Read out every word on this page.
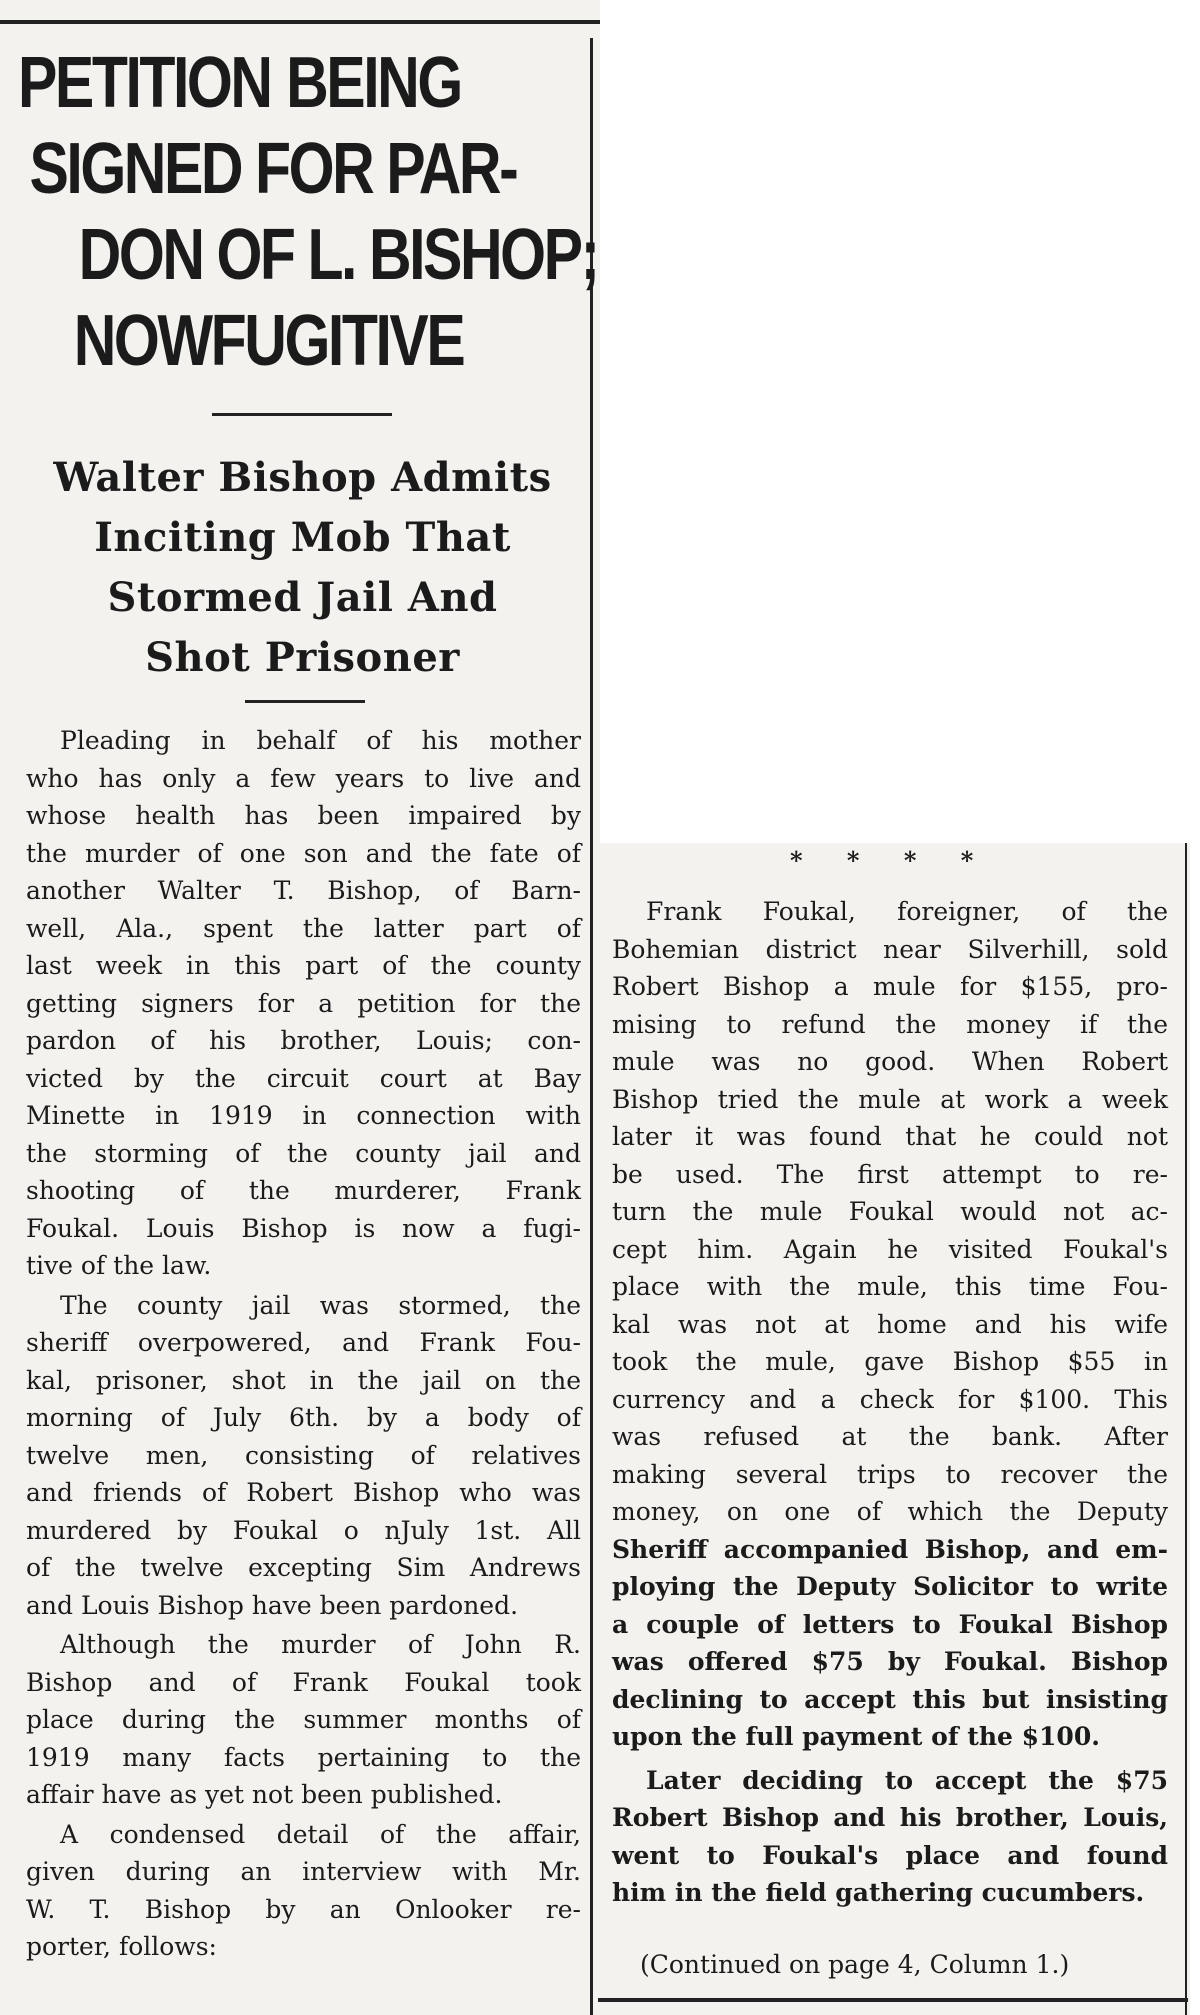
PETITION BEING
SIGNED FOR PAR-
DON OF L. BISHOP;
NOW FUGITIVE
Walter Bishop Admits
Inciting Mob That
Stormed Jail And
Shot Prisoner

Pleading in behalf of his mother
who has only a few years to live and
whose health has been impaired by
the murder of one son and the fate of
another Walter T. Bishop, of Barn-
well, Ala., spent the latter part of
last week in this part of the county
getting signers for a petition for the
pardon of his brother, Louis; con-
victed by the circuit court at Bay
Minette in 1919 in connection with
the storming of the county jail and
shooting of the murderer, Frank
Foukal. Louis Bishop is now a fugi-
tive of the law.

The county jail was stormed, the
sheriff overpowered, and Frank Fou-
kal, prisoner, shot in the jail on the
morning of July 6th. by a body of
twelve men, consisting of relatives
and friends of Robert Bishop who was
murdered by Foukal o nJuly 1st. All
of the twelve excepting Sim Andrews
and Louis Bishop have been pardoned.

Although the murder of John R.
Bishop and of Frank Foukal took
place during the summer months of
1919 many facts pertaining to the
affair have as yet not been published.

A condensed detail of the affair,
given during an interview with Mr.
W. T. Bishop by an Onlooker re-
porter, follows:

* * * *

Frank Foukal, foreigner, of the
Bohemian district near Silverhill, sold
Robert Bishop a mule for $155, pro-
mising to refund the money if the
mule was no good. When Robert
Bishop tried the mule at work a week
later it was found that he could not
be used. The first attempt to re-
turn the mule Foukal would not ac-
cept him. Again he visited Foukal's
place with the mule, this time Fou-
kal was not at home and his wife
took the mule, gave Bishop $55 in
currency and a check for $100. This
was refused at the bank. After
making several trips to recover the
money, on one of which the Deputy
Sheriff accompanied Bishop, and em-
ploying the Deputy Solicitor to write
a couple of letters to Foukal Bishop
was offered $75 by Foukal. Bishop
declining to accept this but insisting
upon the full payment of the $100.

Later deciding to accept the $75
Robert Bishop and his brother, Louis,
went to Foukal's place and found
him in the field gathering cucumbers.

(Continued on page 4, Column 1.)
